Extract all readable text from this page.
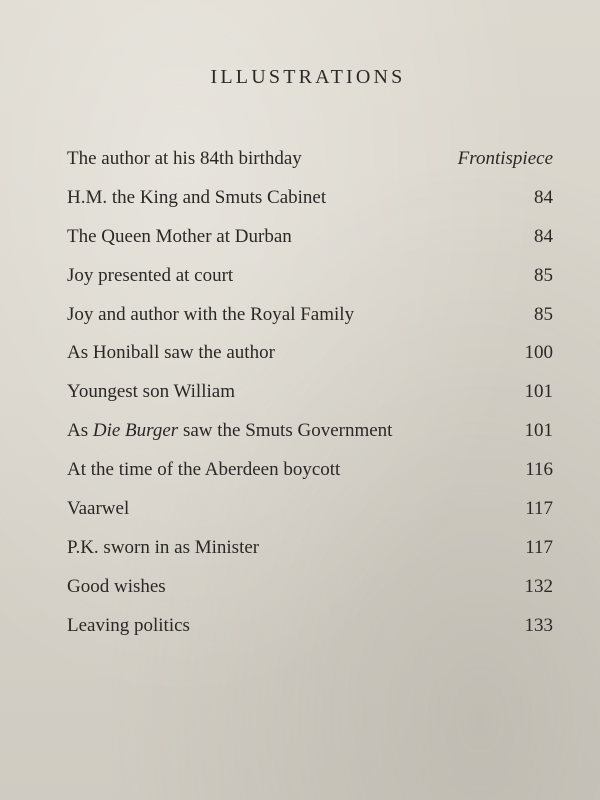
ILLUSTRATIONS
The author at his 84th birthday	Frontispiece
H.M. the King and Smuts Cabinet	84
The Queen Mother at Durban	84
Joy presented at court	85
Joy and author with the Royal Family	85
As Honiball saw the author	100
Youngest son William	101
As Die Burger saw the Smuts Government	101
At the time of the Aberdeen boycott	116
Vaarwel	117
P.K. sworn in as Minister	117
Good wishes	132
Leaving politics	133
